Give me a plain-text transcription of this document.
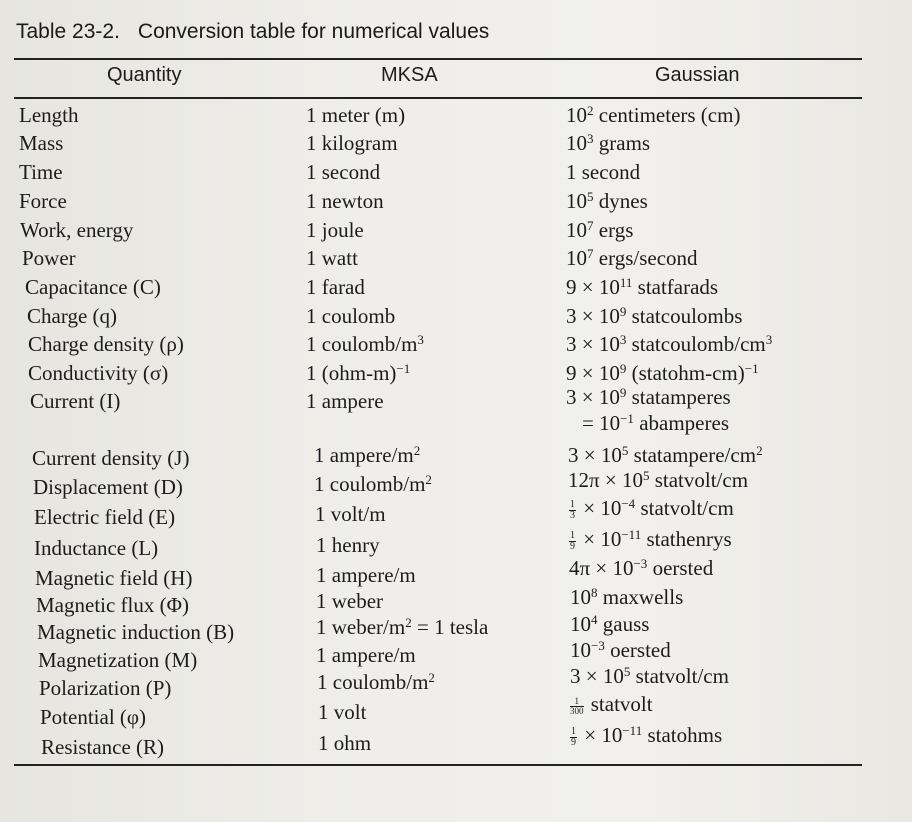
Table 23-2. Conversion table for numerical values
Quantity	MKSA	Gaussian
Length	1 meter (m)	$10^2$ centimeters (cm)
Mass	1 kilogram	$10^3$ grams
Time	1 second	1 second
Force	1 newton	$10^5$ dynes
Work, energy	1 joule	$10^7$ ergs
Power	1 watt	$10^7$ ergs/second
Capacitance (C)	1 farad	$9 \times 10^{11}$ statfarads
Charge (q)	1 coulomb	$3 \times 10^9$ statcoulombs
Charge density (ρ)	1 coulomb/$m^3$	$3 \times 10^3$ statcoulomb/$cm^3$
Conductivity (σ)	1 $(ohm-m)^{-1}$	$9 \times 10^9$ (statohm-cm)$^{-1}$
Current (I)	1 ampere	$3 \times 10^9$ statamperes
= $10^{-1}$ abamperes
Current density (J)	1 ampere/$m^2$	$3 \times 10^5$ statampere/$cm^2$
Displacement (D)	1 coulomb/$m^2$	$12\pi \times 10^5$ statvolt/cm
Electric field (E)	1 volt/m	$\frac{1}{3} \times 10^{-4}$ statvolt/cm
Inductance (L)	1 henry	$\frac{1}{9} \times 10^{-11}$ stathenrys
Magnetic field (H)	1 ampere/m	$4\pi \times 10^{-3}$ oersted
Magnetic flux (Φ)	1 weber	$10^8$ maxwells
Magnetic induction (B)	1 weber/$m^2 = 1$ tesla	$10^4$ gauss
Magnetization (M)	1 ampere/m	$10^{-3}$ oersted
Polarization (P)	1 coulomb/$m^2$	$3 \times 10^5$ statvolt/cm
Potential (φ)	1 volt	$\frac{1}{300}$ statvolt
Resistance (R)	1 ohm	$\frac{1}{9} \times 10^{-11}$ statohms
